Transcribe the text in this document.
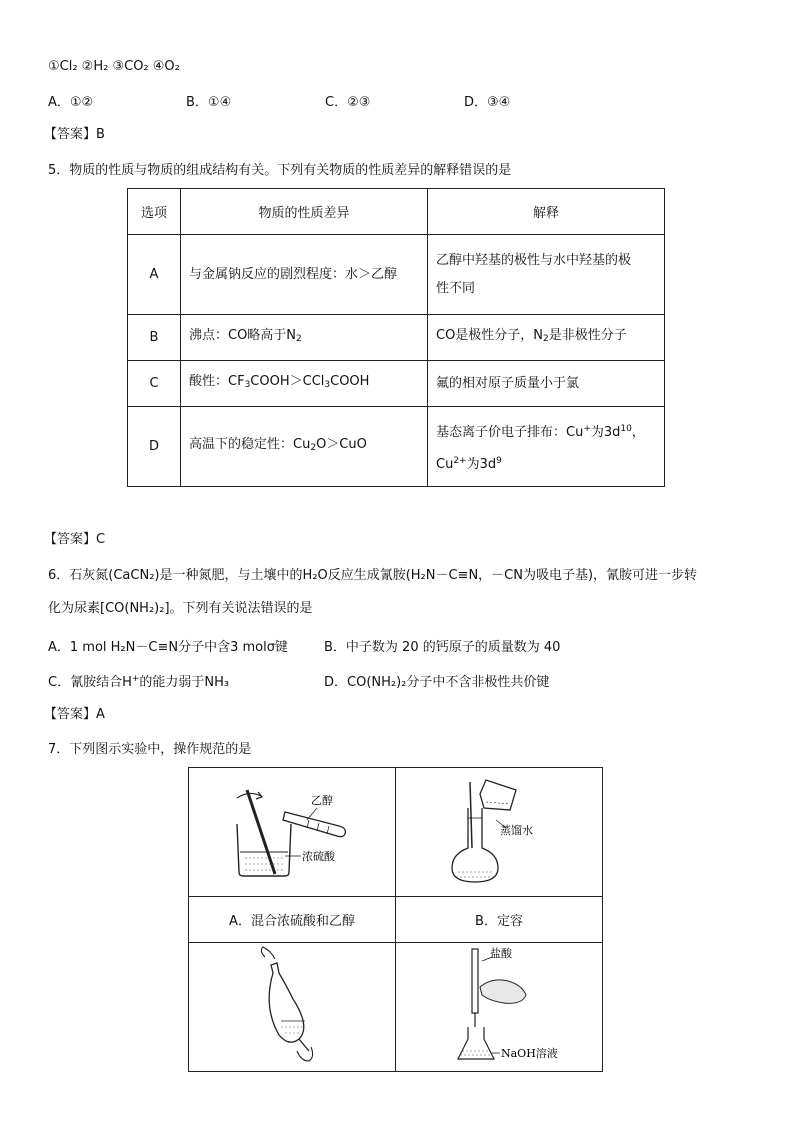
①Cl₂ ②H₂ ③CO₂ ④O₂
A．①②	B．①④	C．②③	D．③④
【答案】B
5．物质的性质与物质的组成结构有关。下列有关物质的性质差异的解释错误的是
选项	物质的性质差异	解释
A	与金属钠反应的剧烈程度：水＞乙醇	乙醇中羟基的极性与水中羟基的极
性不同
B	沸点：CO略高于$N_2$	CO是极性分子，$N_2$是非极性分子
C	酸性：$CF_3COOH>CCl_3COOH$	氟的相对原子质量小于氯
D	高温下的稳定性：$Cu_2O>CuO$	基态离子价电子排布：Cu+为$3d^{10}$，
$Cu^{2+}$为$3d^9$
【答案】C
6．石灰氮(CaCN₂)是一种氮肥，与土壤中的H₂O反应生成氰胺(H₂N－C≡N，－CN为吸电子基)，氰胺可进一步转
化为尿素[CO(NH₂)₂]。下列有关说法错误的是
A．1 mol H₂N－C≡N分子中含3 molσ键	B．中子数为 20 的钙原子的质量数为 40
C．氰胺结合H+的能力弱于NH₃	D．CO(NH₂)₂分子中不含非极性共价键
【答案】A
7．下列图示实验中，操作规范的是
乙醇
浓硫酸	蒸馏水

A．混合浓硫酸和乙醇	B．定容

盐酸
NaOH溶液
